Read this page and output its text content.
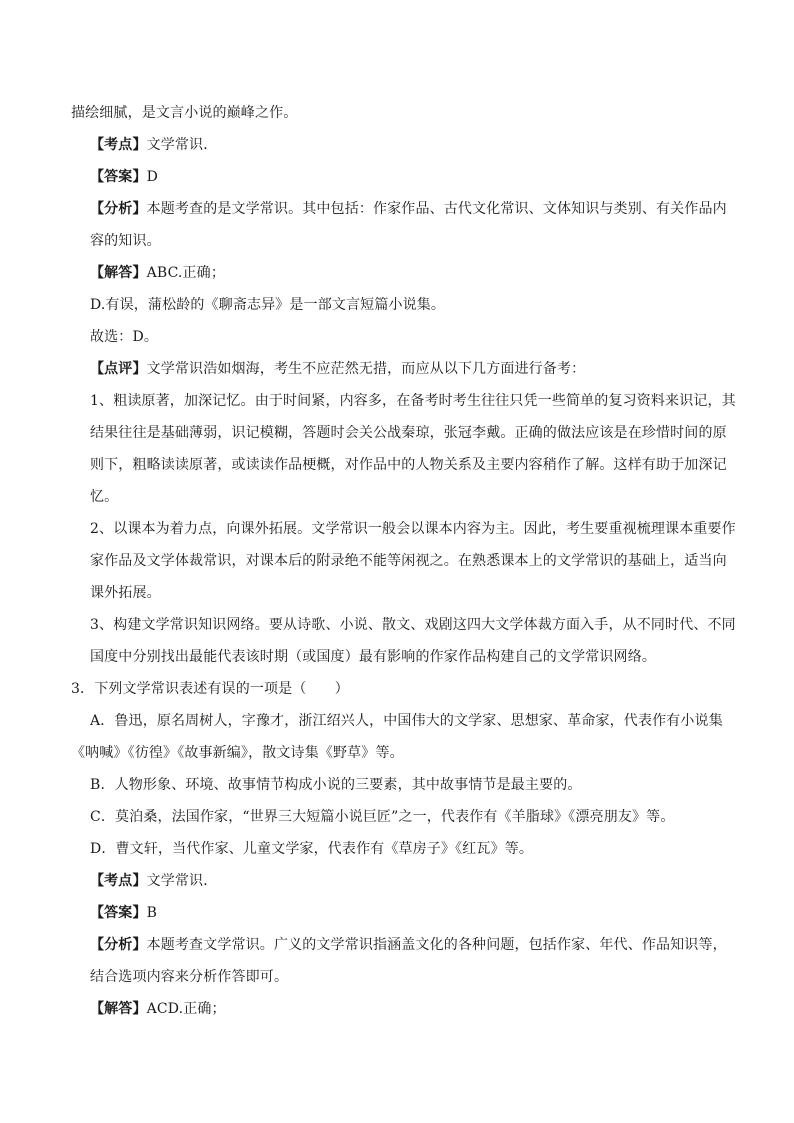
描绘细腻，是文言小说的巅峰之作。
【考点】文学常识．
【答案】D
【分析】本题考查的是文学常识。其中包括：作家作品、古代文化常识、文体知识与类别、有关作品内
容的知识。
【解答】ABC.正确；
D.有误，蒲松龄的《聊斋志异》是一部文言短篇小说集。
故选：D。
【点评】文学常识浩如烟海，考生不应茫然无措，而应从以下几方面进行备考：
1、粗读原著，加深记忆。由于时间紧，内容多，在备考时考生往往只凭一些简单的复习资料来识记，其
结果往往是基础薄弱，识记模糊，答题时会关公战秦琼，张冠李戴。正确的做法应该是在珍惜时间的原
则下，粗略读读原著，或读读作品梗概，对作品中的人物关系及主要内容稍作了解。这样有助于加深记
忆。
2、以课本为着力点，向课外拓展。文学常识一般会以课本内容为主。因此，考生要重视梳理课本重要作
家作品及文学体裁常识，对课本后的附录绝不能等闲视之。在熟悉课本上的文学常识的基础上，适当向
课外拓展。
3、构建文学常识知识网络。要从诗歌、小说、散文、戏剧这四大文学体裁方面入手，从不同时代、不同
国度中分别找出最能代表该时期（或国度）最有影响的作家作品构建自己的文学常识网络。
3．下列文学常识表述有误的一项是（　　）
A．鲁迅，原名周树人，字豫才，浙江绍兴人，中国伟大的文学家、思想家、革命家，代表作有小说集
《呐喊》《彷徨》《故事新编》，散文诗集《野草》等。
B．人物形象、环境、故事情节构成小说的三要素，其中故事情节是最主要的。
C．莫泊桑，法国作家，“世界三大短篇小说巨匠”之一，代表作有《羊脂球》《漂亮朋友》等。
D．曹文轩，当代作家、儿童文学家，代表作有《草房子》《红瓦》等。
【考点】文学常识．
【答案】B
【分析】本题考查文学常识。广义的文学常识指涵盖文化的各种问题，包括作家、年代、作品知识等，
结合选项内容来分析作答即可。
【解答】ACD.正确；
